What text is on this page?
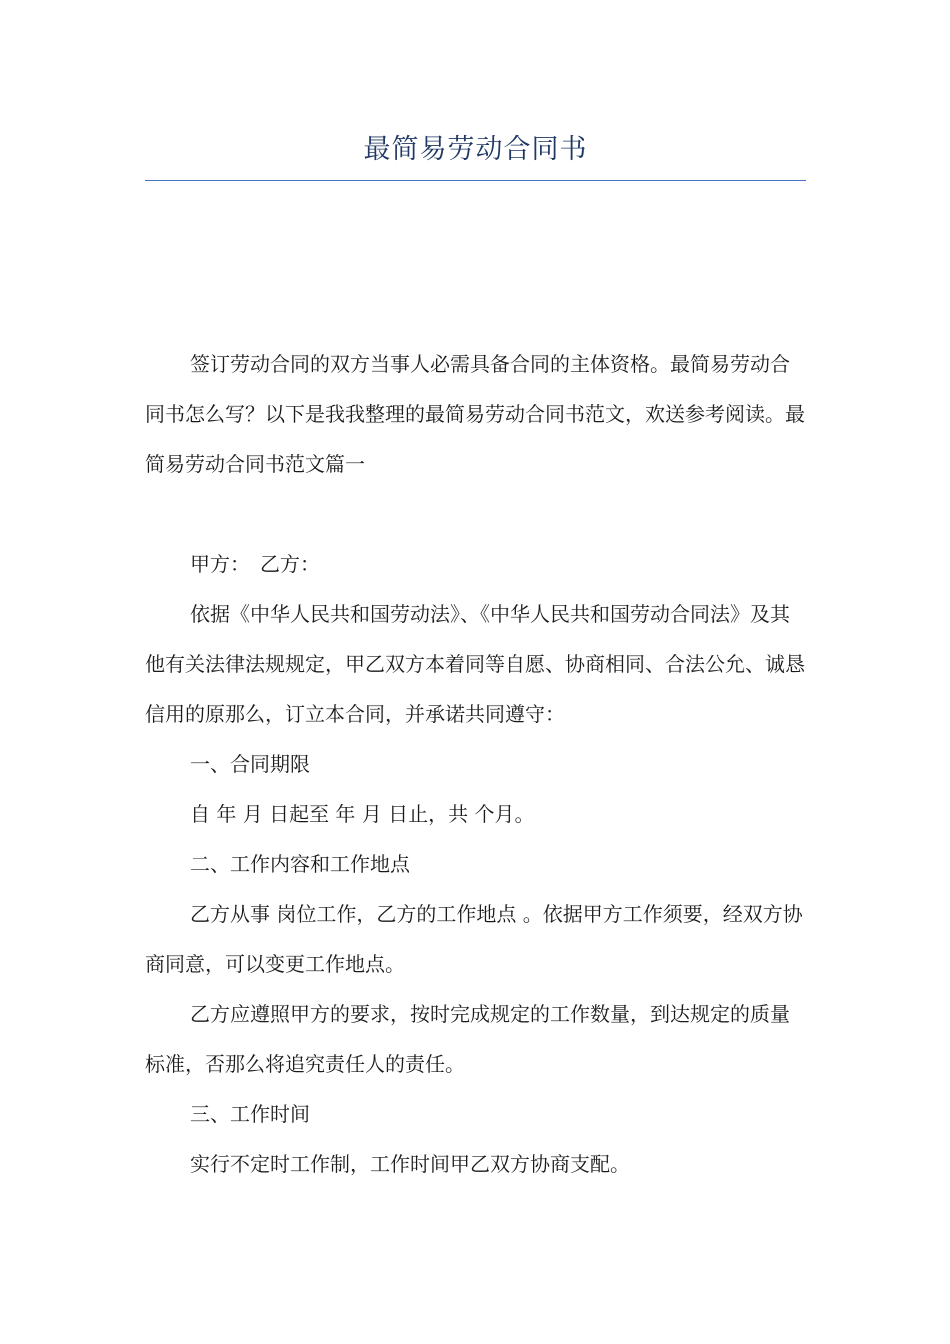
最简易劳动合同书

签订劳动合同的双方当事人必需具备合同的主体资格。最简易劳动合同书怎么写？以下是我我整理的最简易劳动合同书范文，欢送参考阅读。最简易劳动合同书范文篇一

甲方：　乙方：

依据《中华人民共和国劳动法》、《中华人民共和国劳动合同法》及其他有关法律法规规定，甲乙双方本着同等自愿、协商相同、合法公允、诚恳信用的原那么，订立本合同，并承诺共同遵守：

一、合同期限

自 年 月 日起至 年 月 日止，共 个月。

二、工作内容和工作地点

乙方从事 岗位工作，乙方的工作地点 。依据甲方工作须要，经双方协商同意，可以变更工作地点。

乙方应遵照甲方的要求，按时完成规定的工作数量，到达规定的质量标准，否那么将追究责任人的责任。

三、工作时间

实行不定时工作制，工作时间甲乙双方协商支配。
